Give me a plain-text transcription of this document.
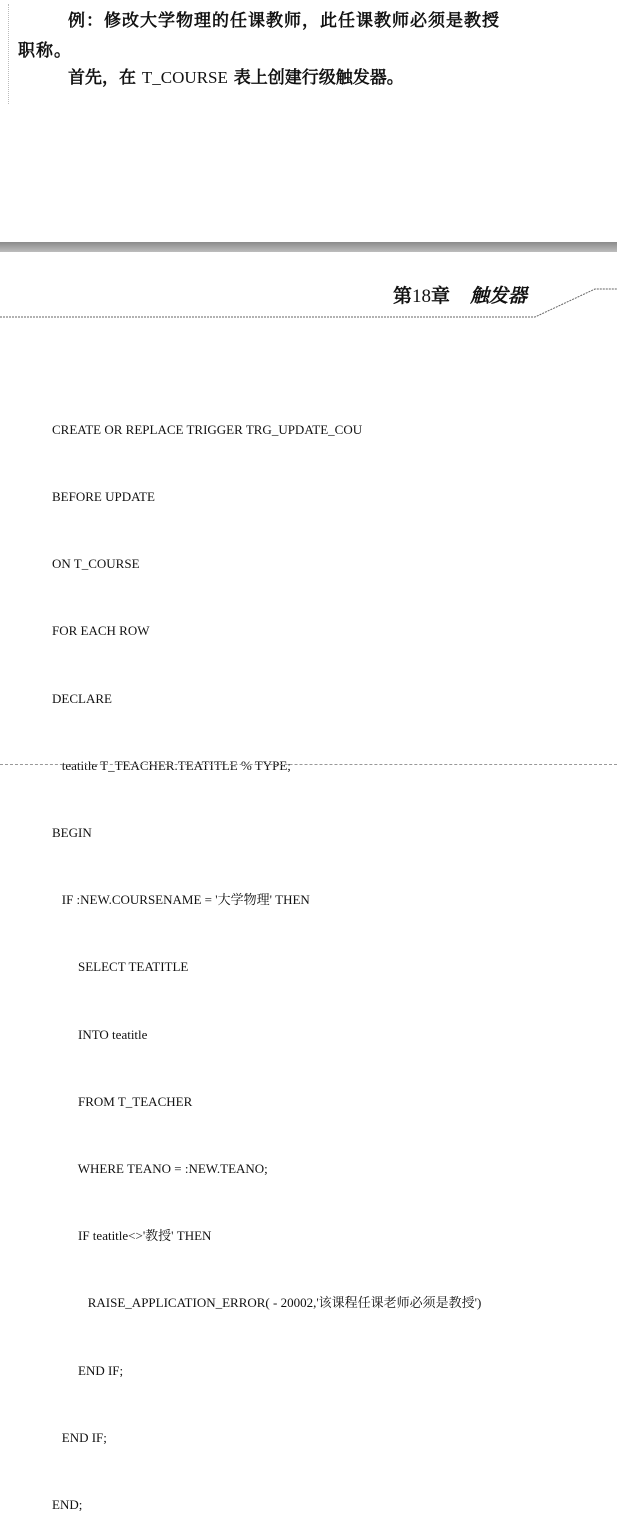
例：修改大学物理的任课教师，此任课教师必须是教授
职称。
首先，在 T_COURSE 表上创建行级触发器。
第18章 触发器

CREATE OR REPLACE TRIGGER TRG_UPDATE_COU

BEFORE UPDATE

ON T_COURSE

FOR EACH ROW

DECLARE

teatitle T_TEACHER.TEATITLE % TYPE;

BEGIN

IF :NEW.COURSENAME = '大学物理' THEN

SELECT TEATITLE

INTO teatitle

FROM T_TEACHER

WHERE TEANO = :NEW.TEANO;

IF teatitle<>'教授' THEN

RAISE_APPLICATION_ERROR( - 20002,'该课程任课老师必须是教授')

END IF;

END IF;

END;
